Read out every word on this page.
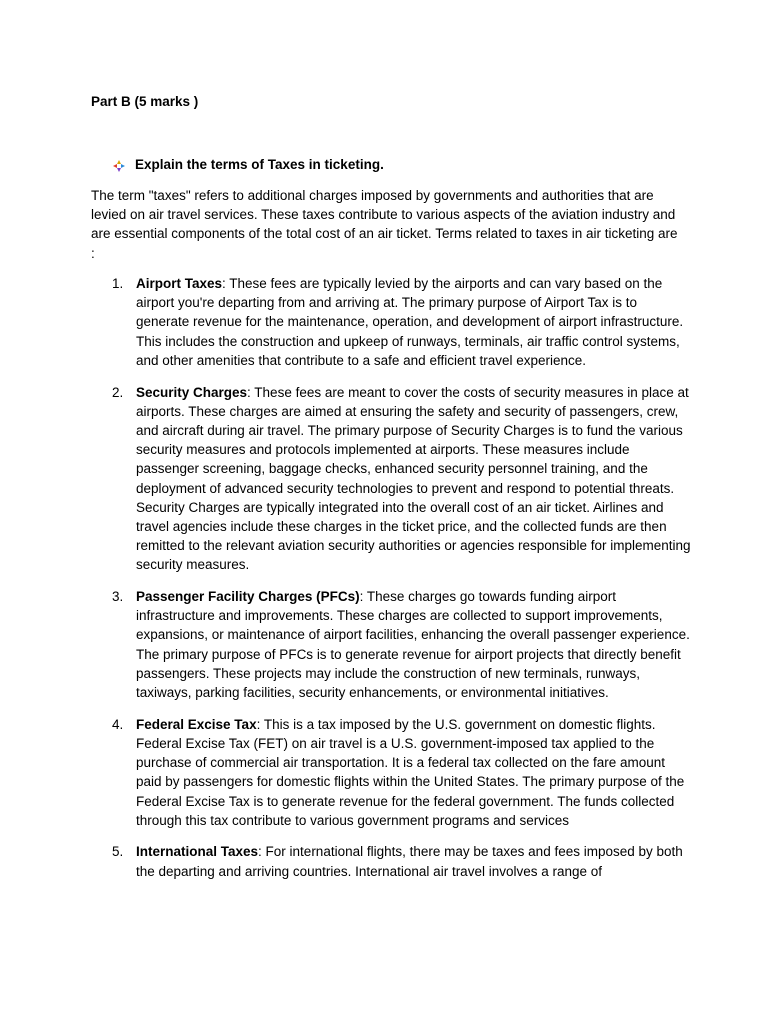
Part B (5 marks )
Explain the terms of Taxes in ticketing.

The term "taxes" refers to additional charges imposed by governments and authorities that are levied on air travel services. These taxes contribute to various aspects of the aviation industry and are essential components of the total cost of an air ticket. Terms related to taxes in air ticketing are :

1. Airport Taxes: These fees are typically levied by the airports and can vary based on the airport you're departing from and arriving at. The primary purpose of Airport Tax is to generate revenue for the maintenance, operation, and development of airport infrastructure. This includes the construction and upkeep of runways, terminals, air traffic control systems, and other amenities that contribute to a safe and efficient travel experience.
2. Security Charges: These fees are meant to cover the costs of security measures in place at airports. These charges are aimed at ensuring the safety and security of passengers, crew, and aircraft during air travel. The primary purpose of Security Charges is to fund the various security measures and protocols implemented at airports. These measures include passenger screening, baggage checks, enhanced security personnel training, and the deployment of advanced security technologies to prevent and respond to potential threats. Security Charges are typically integrated into the overall cost of an air ticket. Airlines and travel agencies include these charges in the ticket price, and the collected funds are then remitted to the relevant aviation security authorities or agencies responsible for implementing security measures.
3. Passenger Facility Charges (PFCs): These charges go towards funding airport infrastructure and improvements. These charges are collected to support improvements, expansions, or maintenance of airport facilities, enhancing the overall passenger experience. The primary purpose of PFCs is to generate revenue for airport projects that directly benefit passengers. These projects may include the construction of new terminals, runways, taxiways, parking facilities, security enhancements, or environmental initiatives.
4. Federal Excise Tax: This is a tax imposed by the U.S. government on domestic flights. Federal Excise Tax (FET) on air travel is a U.S. government-imposed tax applied to the purchase of commercial air transportation. It is a federal tax collected on the fare amount paid by passengers for domestic flights within the United States. The primary purpose of the Federal Excise Tax is to generate revenue for the federal government. The funds collected through this tax contribute to various government programs and services
5. International Taxes: For international flights, there may be taxes and fees imposed by both the departing and arriving countries. International air travel involves a range of
